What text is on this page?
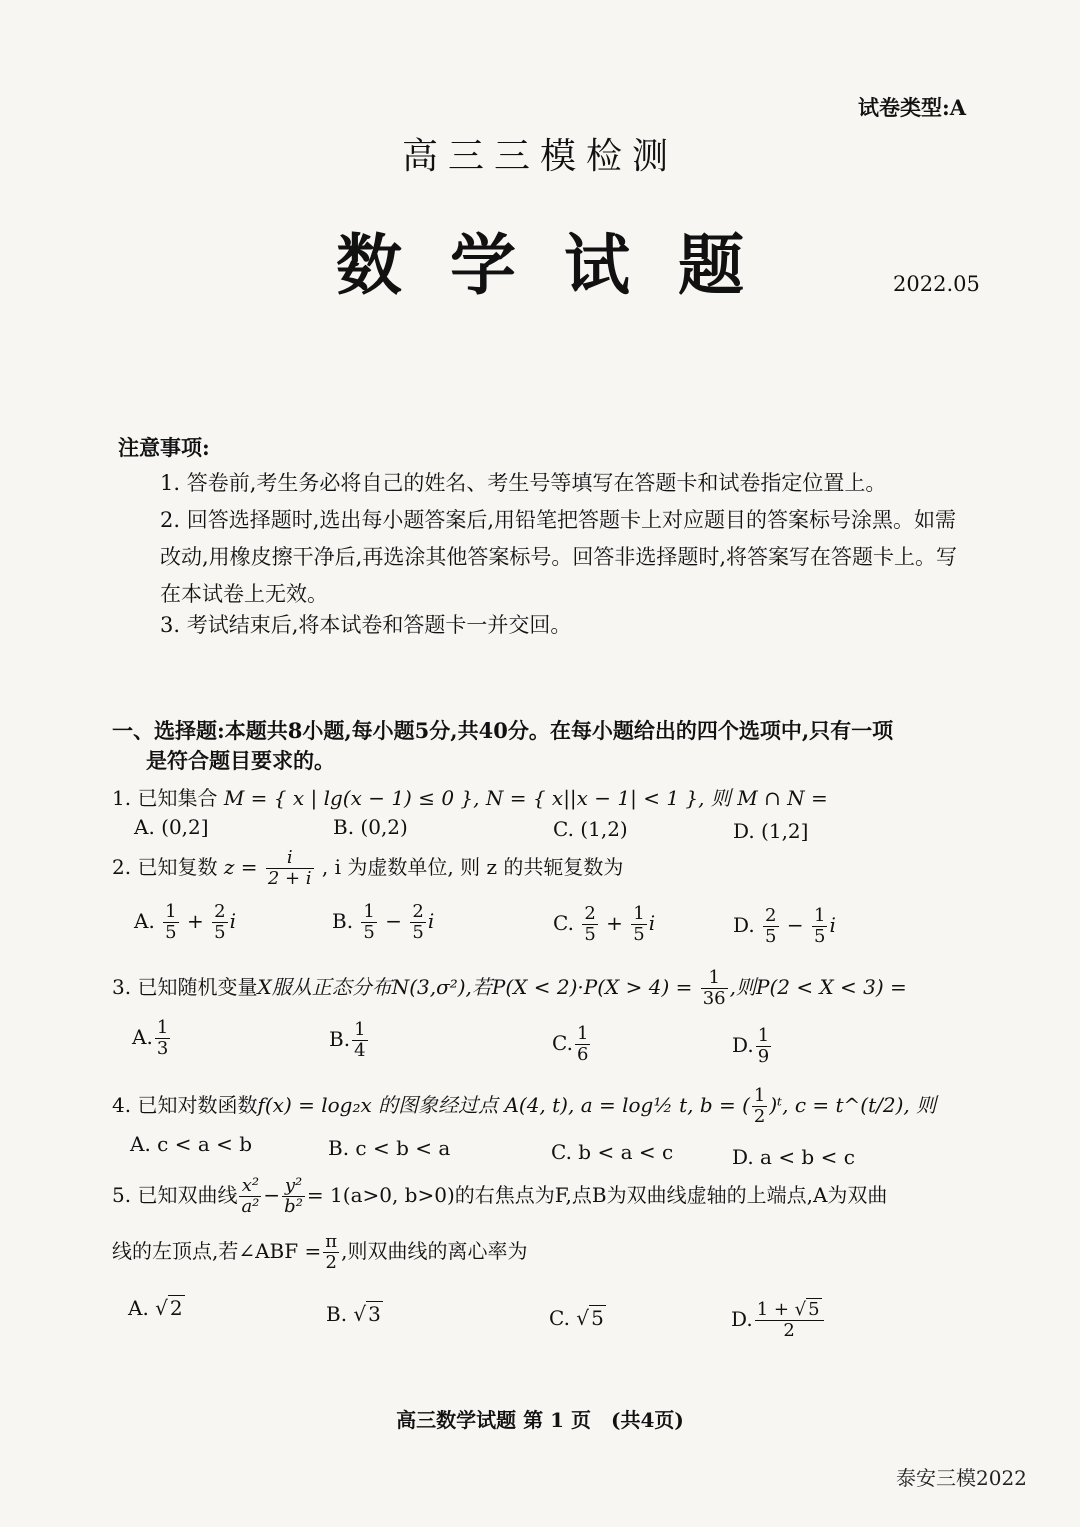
试卷类型:A
高三三模检测
数学试题	2022.05
注意事项:
1. 答卷前,考生务必将自己的姓名、考生号等填写在答题卡和试卷指定位置上。
2. 回答选择题时,选出每小题答案后,用铅笔把答题卡上对应题目的答案标号涂黑。如需改动,用橡皮擦干净后,再选涂其他答案标号。回答非选择题时,将答案写在答题卡上。写在本试卷上无效。
3. 考试结束后,将本试卷和答题卡一并交回。
一、选择题:本题共8小题,每小题5分,共40分。在每小题给出的四个选项中,只有一项
是符合题目要求的。
1. 已知集合 M = { x | lg(x − 1) ≤ 0 }, N = { x||x − 1| < 1 }, 则 M ∩ N =
A. (0,2]	B. (0,2)	C. (1,2)	D. (1,2]
2. 已知复数 $z = \frac{i}{2 + i}$ , i 为虚数单位, 则 z 的共轭复数为
A. $\frac{1}{5} + \frac{2}{5}$ i	B. $\frac{1}{5} - \frac{2}{5}$ i	C. $\frac{2}{5} + \frac{1}{5}$ i	D. $\frac{2}{5} - \frac{1}{5}$ i
3. 已知随机变量X服从正态分布N(3,σ²),若$P(X < 2)\cdot P(X > 4) = \frac{1}{36}$ ,则P(2 < X < 3) =
A. $\frac{1}{3}$	B. $\frac{1}{4}$	C. $\frac{1}{6}$	D. $\frac{1}{9}$
4. 已知对数函数f(x) = log₂x 的图象经过点 A(4, t), a = log½ t, b = ( $\frac{1}{2}$ )ᵗ, c = t^(t/2), 则
A. c < a < b	B. c < b < a	C. b < a < c	D. a < b < c
5. 已知双曲线 $\frac{\text{x²}}{\text{a²}} - \frac{\text{y²}}{\text{b²}} = 1(a>0$, b>0)的右焦点为F,点B为双曲线虚轴的上端点,A为双曲
线的左顶点,若∠ABF = $\frac{\pi}{2}$ ,则双曲线的离心率为
A. √ 2	B. √ 3	C. √ 5	D. $\frac{1 + √ 5}{2}$
高三数学试题 第 1 页　(共4页)
泰安三模2022
